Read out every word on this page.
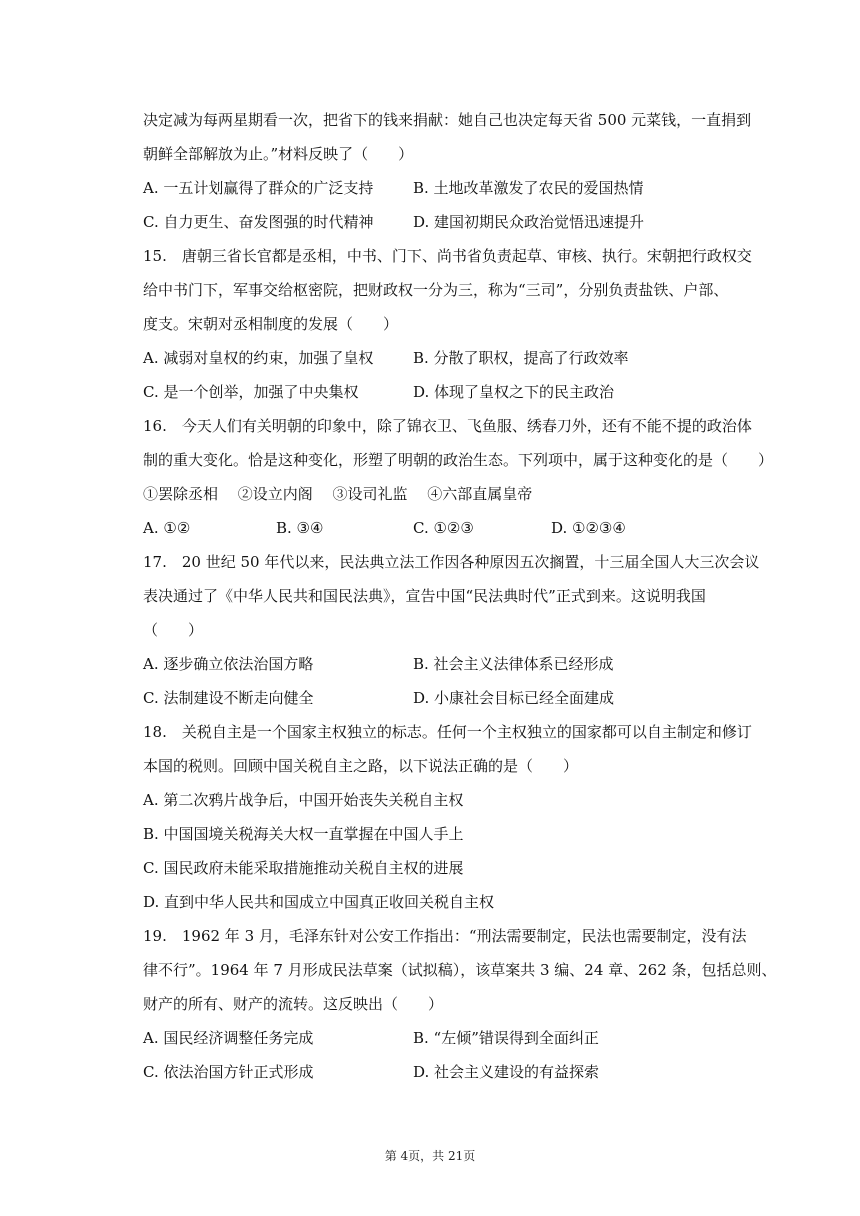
决定减为每两星期看一次，把省下的钱来捐献：她自己也决定每天省 500 元菜钱，一直捐到
朝鲜全部解放为止。”材料反映了（　　）
A. 一五计划赢得了群众的广泛支持	B. 土地改革激发了农民的爱国热情
C. 自力更生、奋发图强的时代精神	D. 建国初期民众政治觉悟迅速提升
15.　唐朝三省长官都是丞相，中书、门下、尚书省负责起草、审核、执行。宋朝把行政权交
给中书门下，军事交给枢密院，把财政权一分为三，称为“三司”，分别负责盐铁、户部、
度支。宋朝对丞相制度的发展（　　）
A. 减弱对皇权的约束，加强了皇权	B. 分散了职权，提高了行政效率
C. 是一个创举，加强了中央集权	D. 体现了皇权之下的民主政治
16.　今天人们有关明朝的印象中，除了锦衣卫、飞鱼服、绣春刀外，还有不能不提的政治体
制的重大变化。恰是这种变化，形塑了明朝的政治生态。下列项中，属于这种变化的是（　　）
①罢除丞相　 ②设立内阁　 ③设司礼监　 ④六部直属皇帝
A. ①②	B. ③④	C. ①②③	D. ①②③④
17.　20 世纪 50 年代以来，民法典立法工作因各种原因五次搁置，十三届全国人大三次会议
表决通过了《中华人民共和国民法典》，宣告中国“民法典时代”正式到来。这说明我国
（　　）
A. 逐步确立依法治国方略	B. 社会主义法律体系已经形成
C. 法制建设不断走向健全	D. 小康社会目标已经全面建成
18.　关税自主是一个国家主权独立的标志。任何一个主权独立的国家都可以自主制定和修订
本国的税则。回顾中国关税自主之路，以下说法正确的是（　　）
A. 第二次鸦片战争后，中国开始丧失关税自主权
B. 中国国境关税海关大权一直掌握在中国人手上
C. 国民政府未能采取措施推动关税自主权的进展
D. 直到中华人民共和国成立中国真正收回关税自主权
19.　1962 年 3 月，毛泽东针对公安工作指出：“刑法需要制定，民法也需要制定，没有法
律不行”。1964 年 7 月形成民法草案（试拟稿），该草案共 3 编、24 章、262 条，包括总则、
财产的所有、财产的流转。这反映出（　　）
A. 国民经济调整任务完成	B. “左倾”错误得到全面纠正
C. 依法治国方针正式形成	D. 社会主义建设的有益探索
第 4页，共 21页
